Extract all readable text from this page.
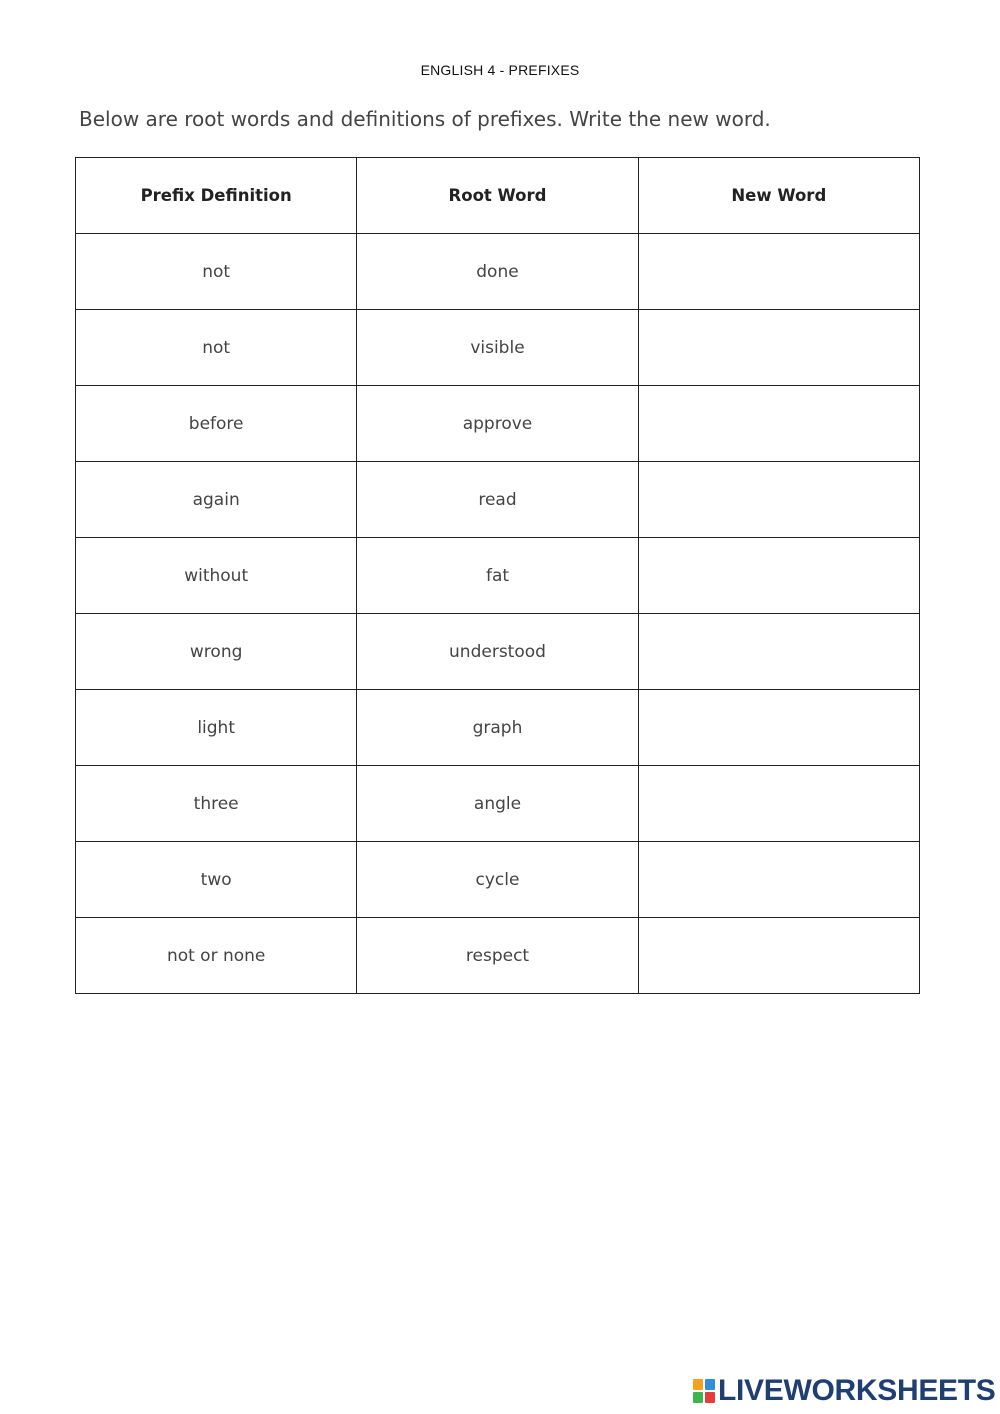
ENGLISH 4 - PREFIXES
Below are root words and definitions of prefixes. Write the new word.
Prefix Definition	Root Word	New Word
not	done	
not	visible	
before	approve	
again	read	
without	fat	
wrong	understood	
light	graph	
three	angle	
two	cycle	
not or none	respect	
LIVEWORKSHEETS
